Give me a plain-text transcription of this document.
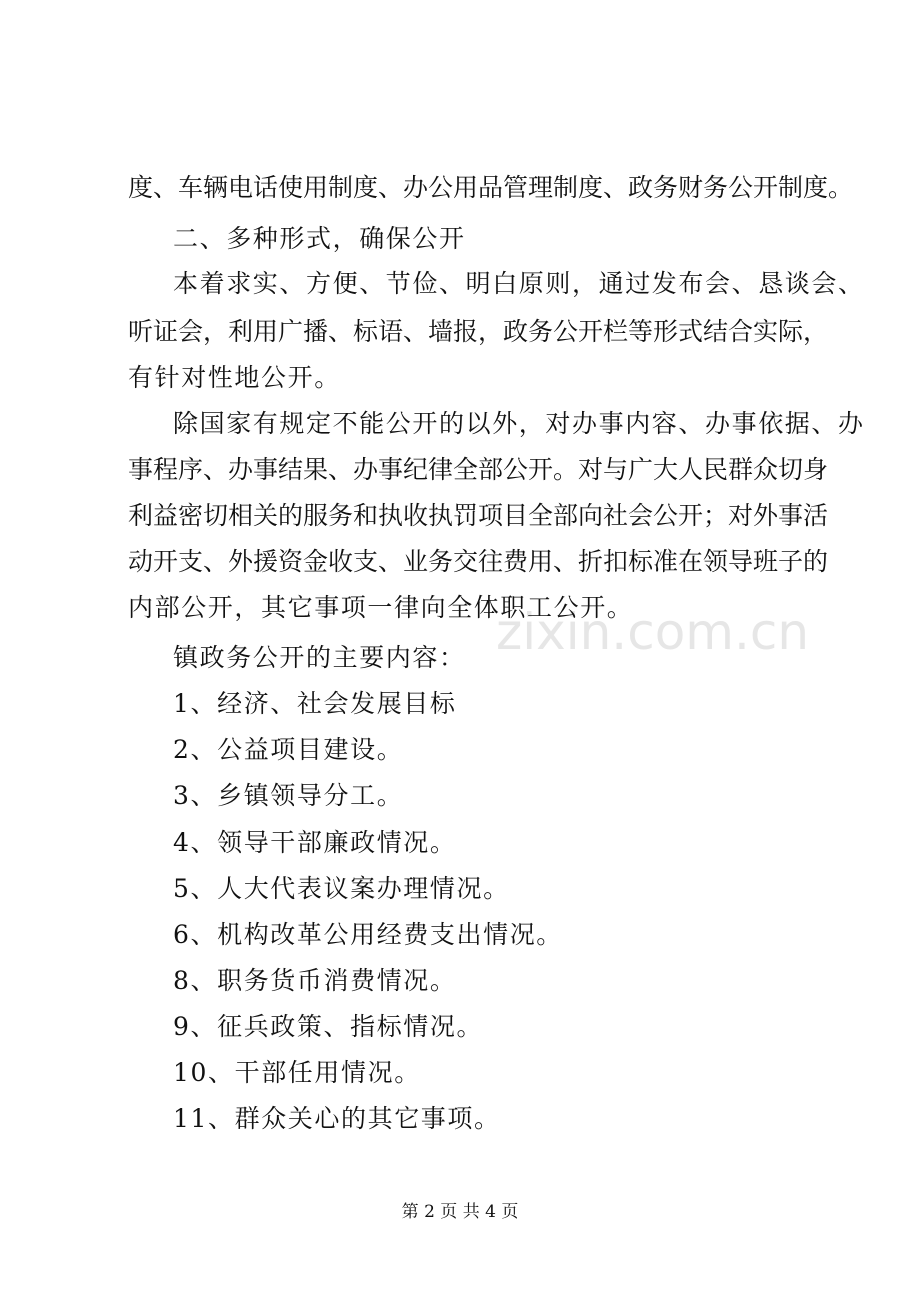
zixin.com.cn
度、车辆电话使用制度、办公用品管理制度、政务财务公开制度。
二、多种形式，确保公开
本着求实、方便、节俭、明白原则，通过发布会、恳谈会、
听证会，利用广播、标语、墙报，政务公开栏等形式结合实际，
有针对性地公开。
除国家有规定不能公开的以外，对办事内容、办事依据、办
事程序、办事结果、办事纪律全部公开。对与广大人民群众切身
利益密切相关的服务和执收执罚项目全部向社会公开；对外事活
动开支、外援资金收支、业务交往费用、折扣标准在领导班子的
内部公开，其它事项一律向全体职工公开。
镇政务公开的主要内容：
1、经济、社会发展目标
2、公益项目建设。
3、乡镇领导分工。
4、领导干部廉政情况。
5、人大代表议案办理情况。
6、机构改革公用经费支出情况。
8、职务货币消费情况。
9、征兵政策、指标情况。
10、干部任用情况。
11、群众关心的其它事项。
第 2 页 共 4 页
